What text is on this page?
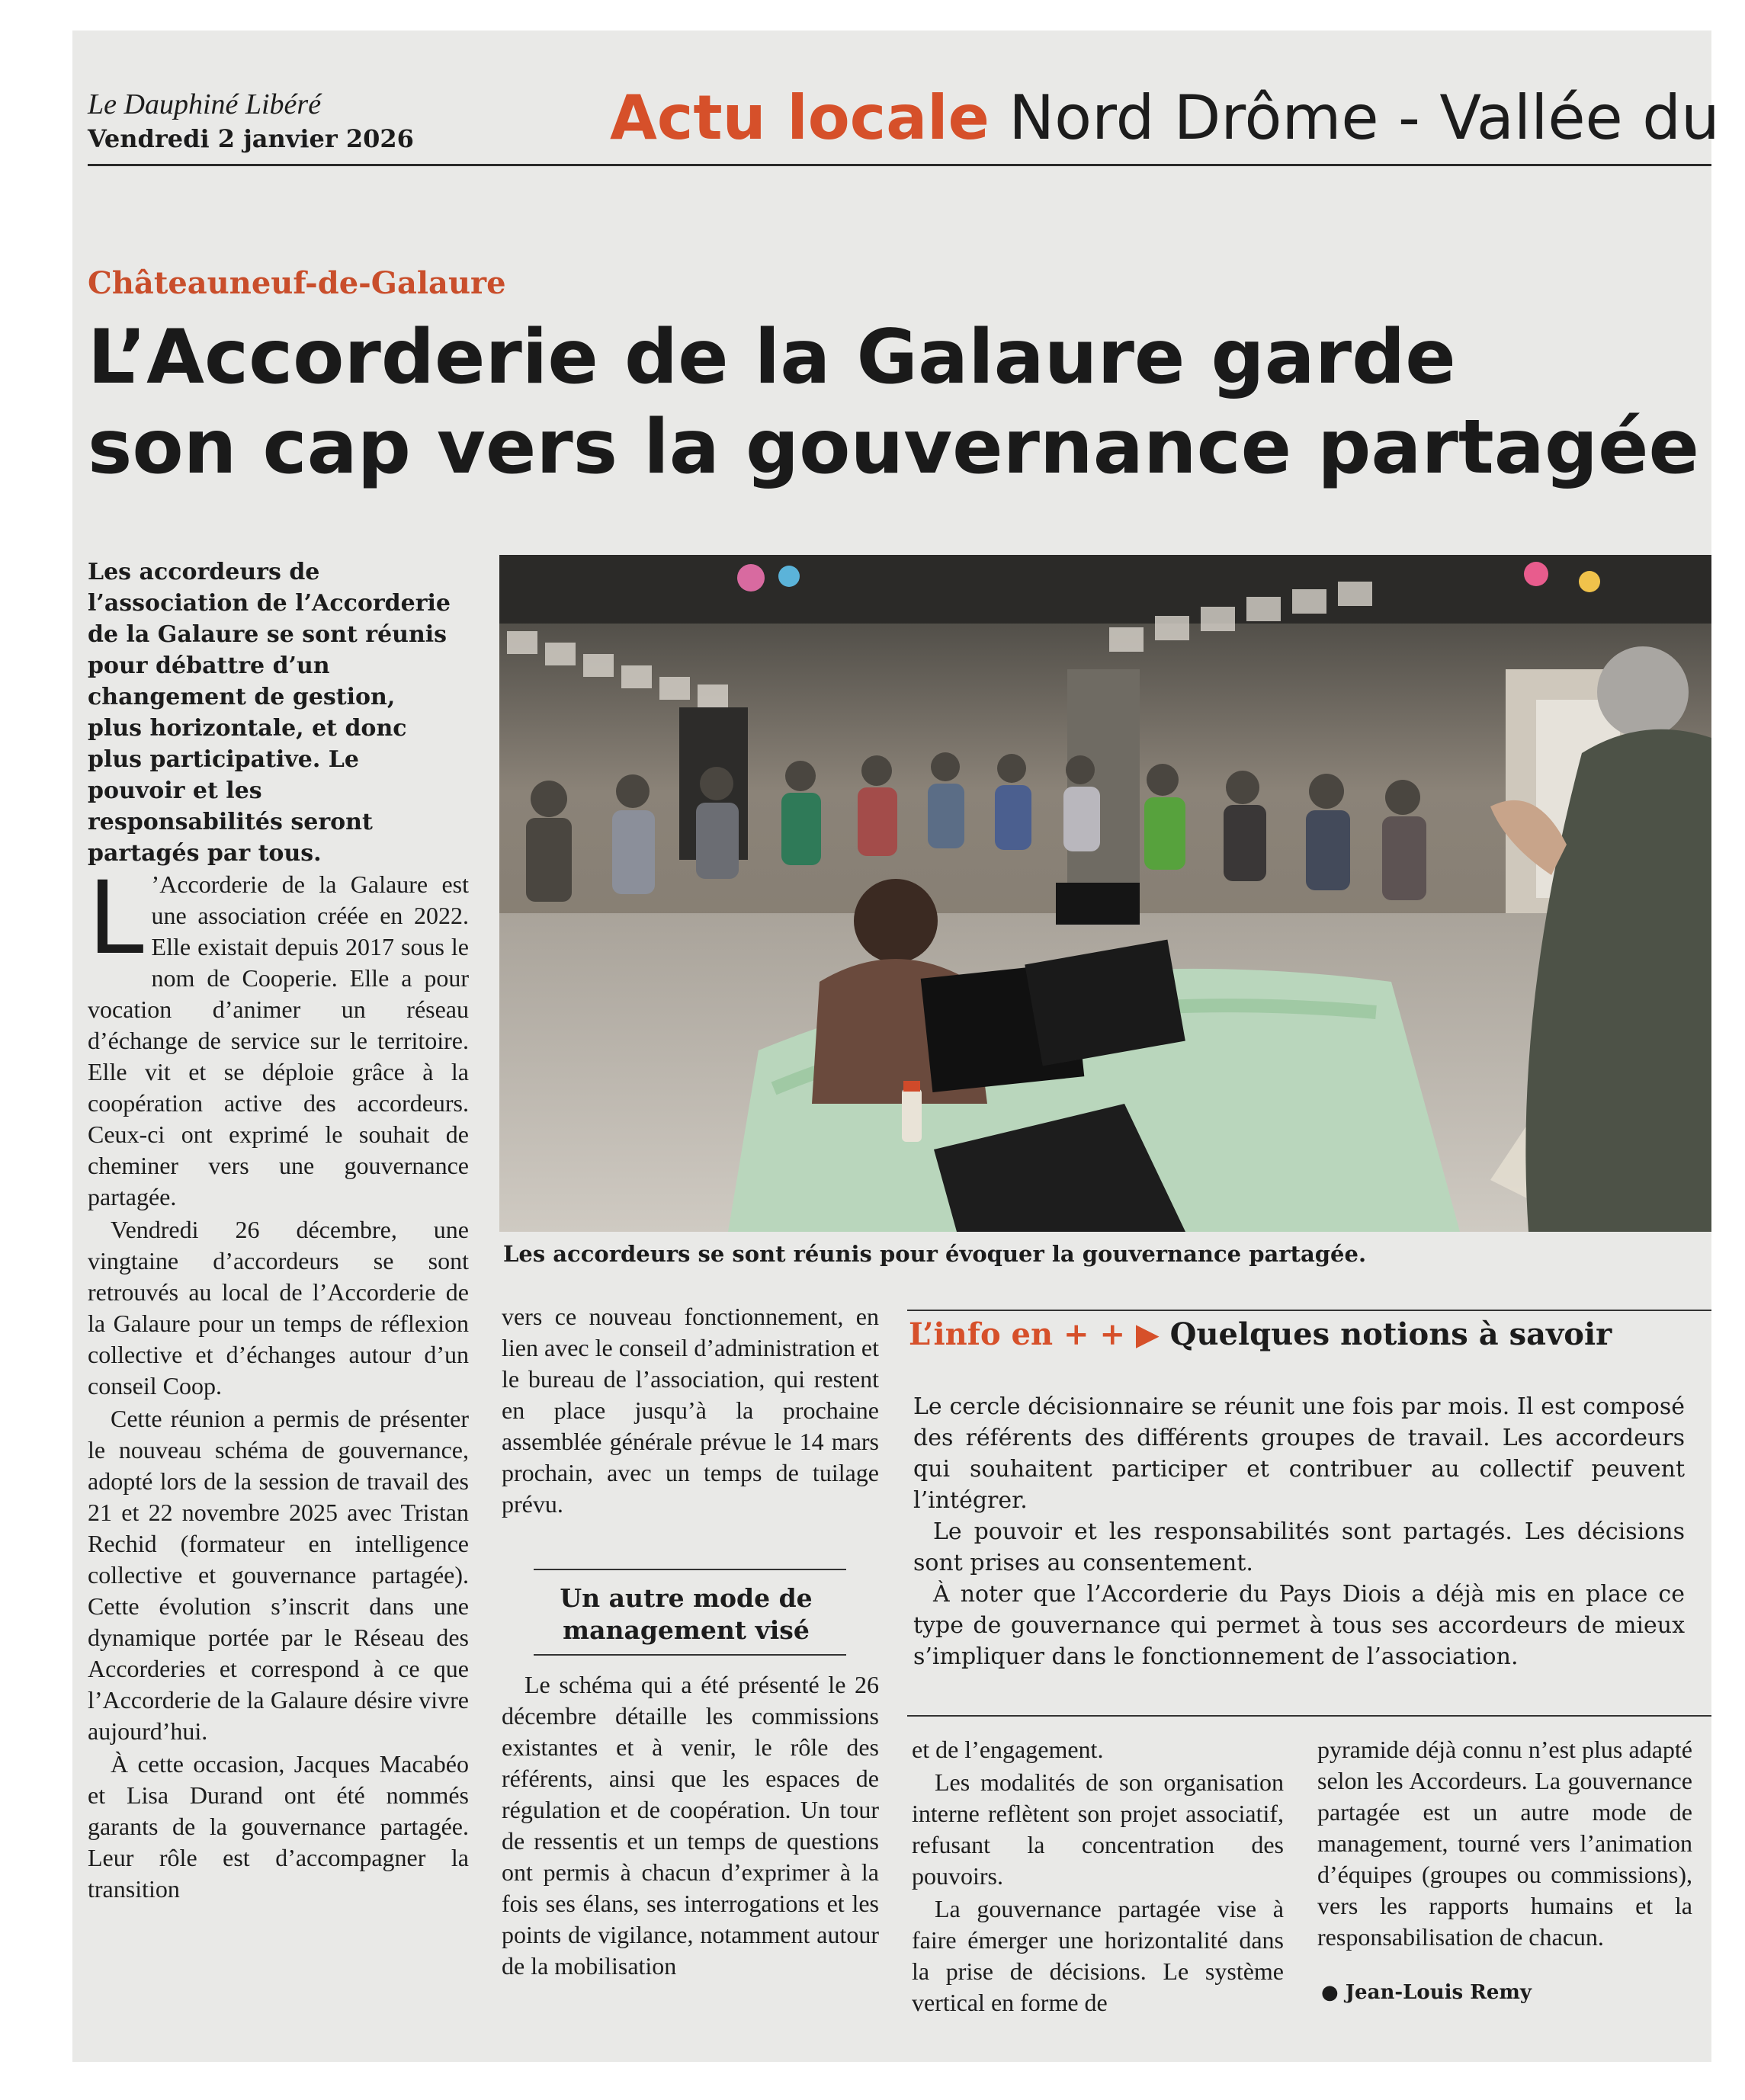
Le Dauphiné Libéré
Vendredi 2 janvier 2026	Actu locale Nord Drôme - Vallée du
Châteauneuf-de-Galaure
L’Accorderie de la Galaure garde
son cap vers la gouvernance partagée
Les accordeurs de l’association de l’Accorderie de la Galaure se sont réunis pour débattre d’un changement de gestion, plus horizontale, et donc plus participative. Le pouvoir et les responsabilités seront partagés par tous.
Les accordeurs se sont réunis pour évoquer la gouvernance partagée.

L ’Accorderie de la Galaure est une association créée en 2022. Elle existait depuis 2017 sous le nom de Cooperie. Elle a pour vocation d’animer un réseau d’échange de service sur le territoire. Elle vit et se déploie grâce à la coopération active des accordeurs. Ceux-ci ont exprimé le souhait de cheminer vers une gouvernance partagée.

Vendredi 26 décembre, une vingtaine d’accordeurs se sont retrouvés au local de l’Accorderie de la Galaure pour un temps de réflexion collective et d’échanges autour d’un conseil Coop.

Cette réunion a permis de présenter le nouveau schéma de gouvernance, adopté lors de la session de travail des 21 et 22 novembre 2025 avec Tristan Rechid (formateur en intelligence collective et gouvernance partagée). Cette évolution s’inscrit dans une dynamique portée par le Réseau des Accorderies et correspond à ce que l’Accorderie de la Galaure désire vivre aujourd’hui.

À cette occasion, Jacques Macabéo et Lisa Durand ont été nommés garants de la gouvernance partagée. Leur rôle est d’accompagner la transition

vers ce nouveau fonctionnement, en lien avec le conseil d’administration et le bureau de l’association, qui restent en place jusqu’à la prochaine assemblée générale prévue le 14 mars prochain, avec un temps de tuilage prévu.

Un autre mode de
management visé

Le schéma qui a été présenté le 26 décembre détaille les commissions existantes et à venir, le rôle des référents, ainsi que les espaces de régulation et de coopération. Un tour de ressentis et un temps de questions ont permis à chacun d’exprimer à la fois ses élans, ses interrogations et les points de vigilance, notamment autour de la mobilisation

L’info en + + ▶ Quelques notions à savoir

Le cercle décisionnaire se réunit une fois par mois. Il est composé des référents des différents groupes de travail. Les accordeurs qui souhaitent participer et contribuer au collectif peuvent l’intégrer.

Le pouvoir et les responsabilités sont partagés. Les décisions sont prises au consentement.

À noter que l’Accorderie du Pays Diois a déjà mis en place ce type de gouvernance qui permet à tous ses accordeurs de mieux s’impliquer dans le fonctionnement de l’association.

et de l’engagement.

Les modalités de son organisation interne reflètent son projet associatif, refusant la concentration des pouvoirs.

La gouvernance partagée vise à faire émerger une horizontalité dans la prise de décisions. Le système vertical en forme de

pyramide déjà connu n’est plus adapté selon les Accordeurs. La gouvernance partagée est un autre mode de management, tourné vers l’animation d’équipes (groupes ou commissions), vers les rapports humains et la responsabilisation de chacun.

● Jean-Louis Remy
